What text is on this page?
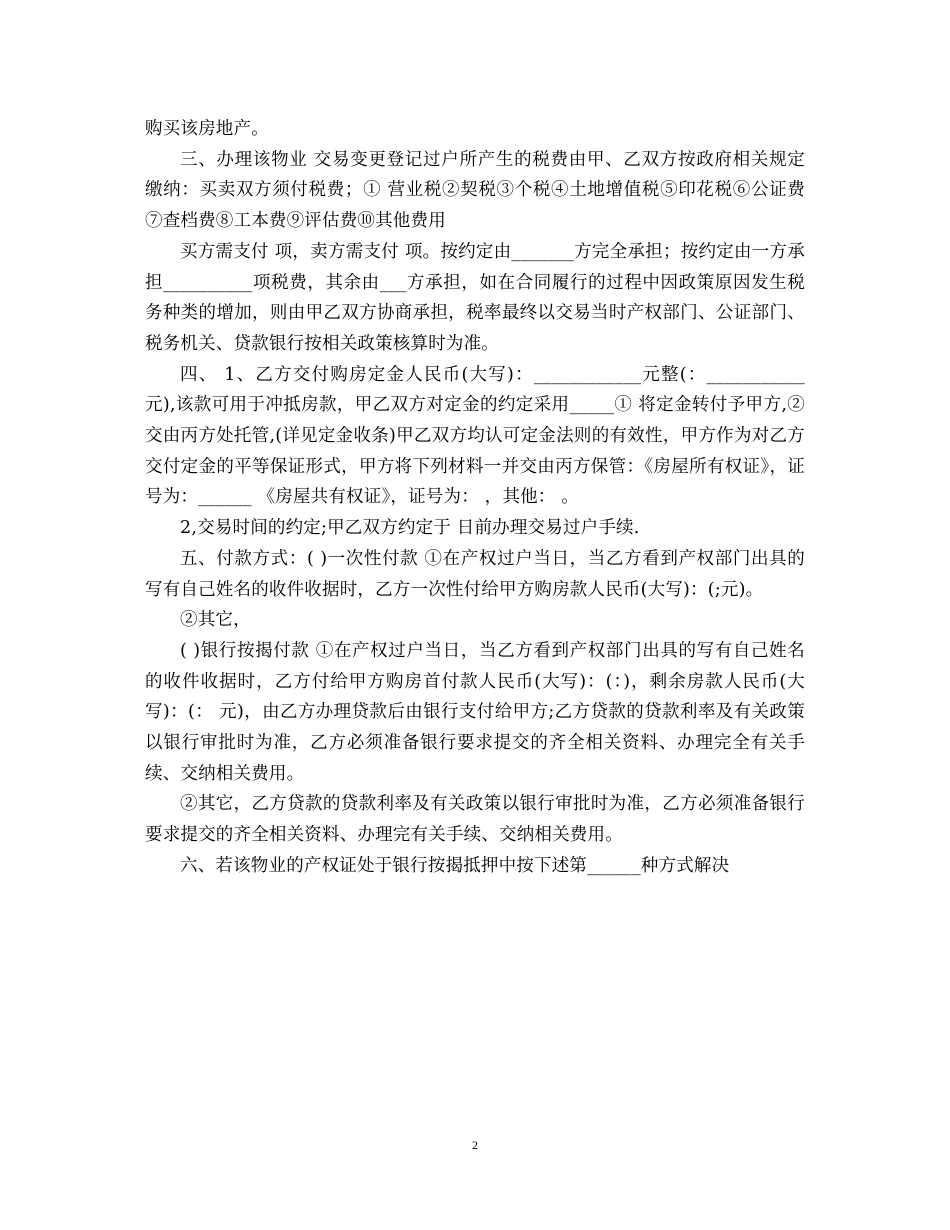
购买该房地产。

三、办理该物业 交易变更登记过户所产生的税费由甲、乙双方按政府相关规定缴纳：买卖双方须付税费；① 营业税②契税③个税④土地增值税⑤印花税⑥公证费⑦查档费⑧工本费⑨评估费⑩其他费用

买方需支付 项，卖方需支付 项。按约定由_______方完全承担；按约定由一方承担__________项税费，其余由___方承担，如在合同履行的过程中因政策原因发生税务种类的增加，则由甲乙双方协商承担，税率最终以交易当时产权部门、公证部门、税务机关、贷款银行按相关政策核算时为准。

四、 1、乙方交付购房定金人民币(大写)：____________元整(：___________元),该款可用于冲抵房款，甲乙双方对定金的约定采用_____① 将定金转付予甲方,② 交由丙方处托管,(详见定金收条)甲乙双方均认可定金法则的有效性，甲方作为对乙方交付定金的平等保证形式，甲方将下列材料一并交由丙方保管：《房屋所有权证》，证号为：______ 《房屋共有权证》，证号为： ，其他： 。

2,交易时间的约定;甲乙双方约定于 日前办理交易过户手续.

五、付款方式：( )一次性付款 ①在产权过户当日，当乙方看到产权部门出具的写有自己姓名的收件收据时，乙方一次性付给甲方购房款人民币(大写)：(;元)。

②其它，

( )银行按揭付款 ①在产权过户当日，当乙方看到产权部门出具的写有自己姓名的收件收据时，乙方付给甲方购房首付款人民币(大写)：(：)，剩余房款人民币(大写)：(： 元)，由乙方办理贷款后由银行支付给甲方;乙方贷款的贷款利率及有关政策以银行审批时为准，乙方必须准备银行要求提交的齐全相关资料、办理完全有关手续、交纳相关费用。

②其它，乙方贷款的贷款利率及有关政策以银行审批时为准，乙方必须准备银行要求提交的齐全相关资料、办理完有关手续、交纳相关费用。

六、若该物业的产权证处于银行按揭抵押中按下述第______种方式解决

2
